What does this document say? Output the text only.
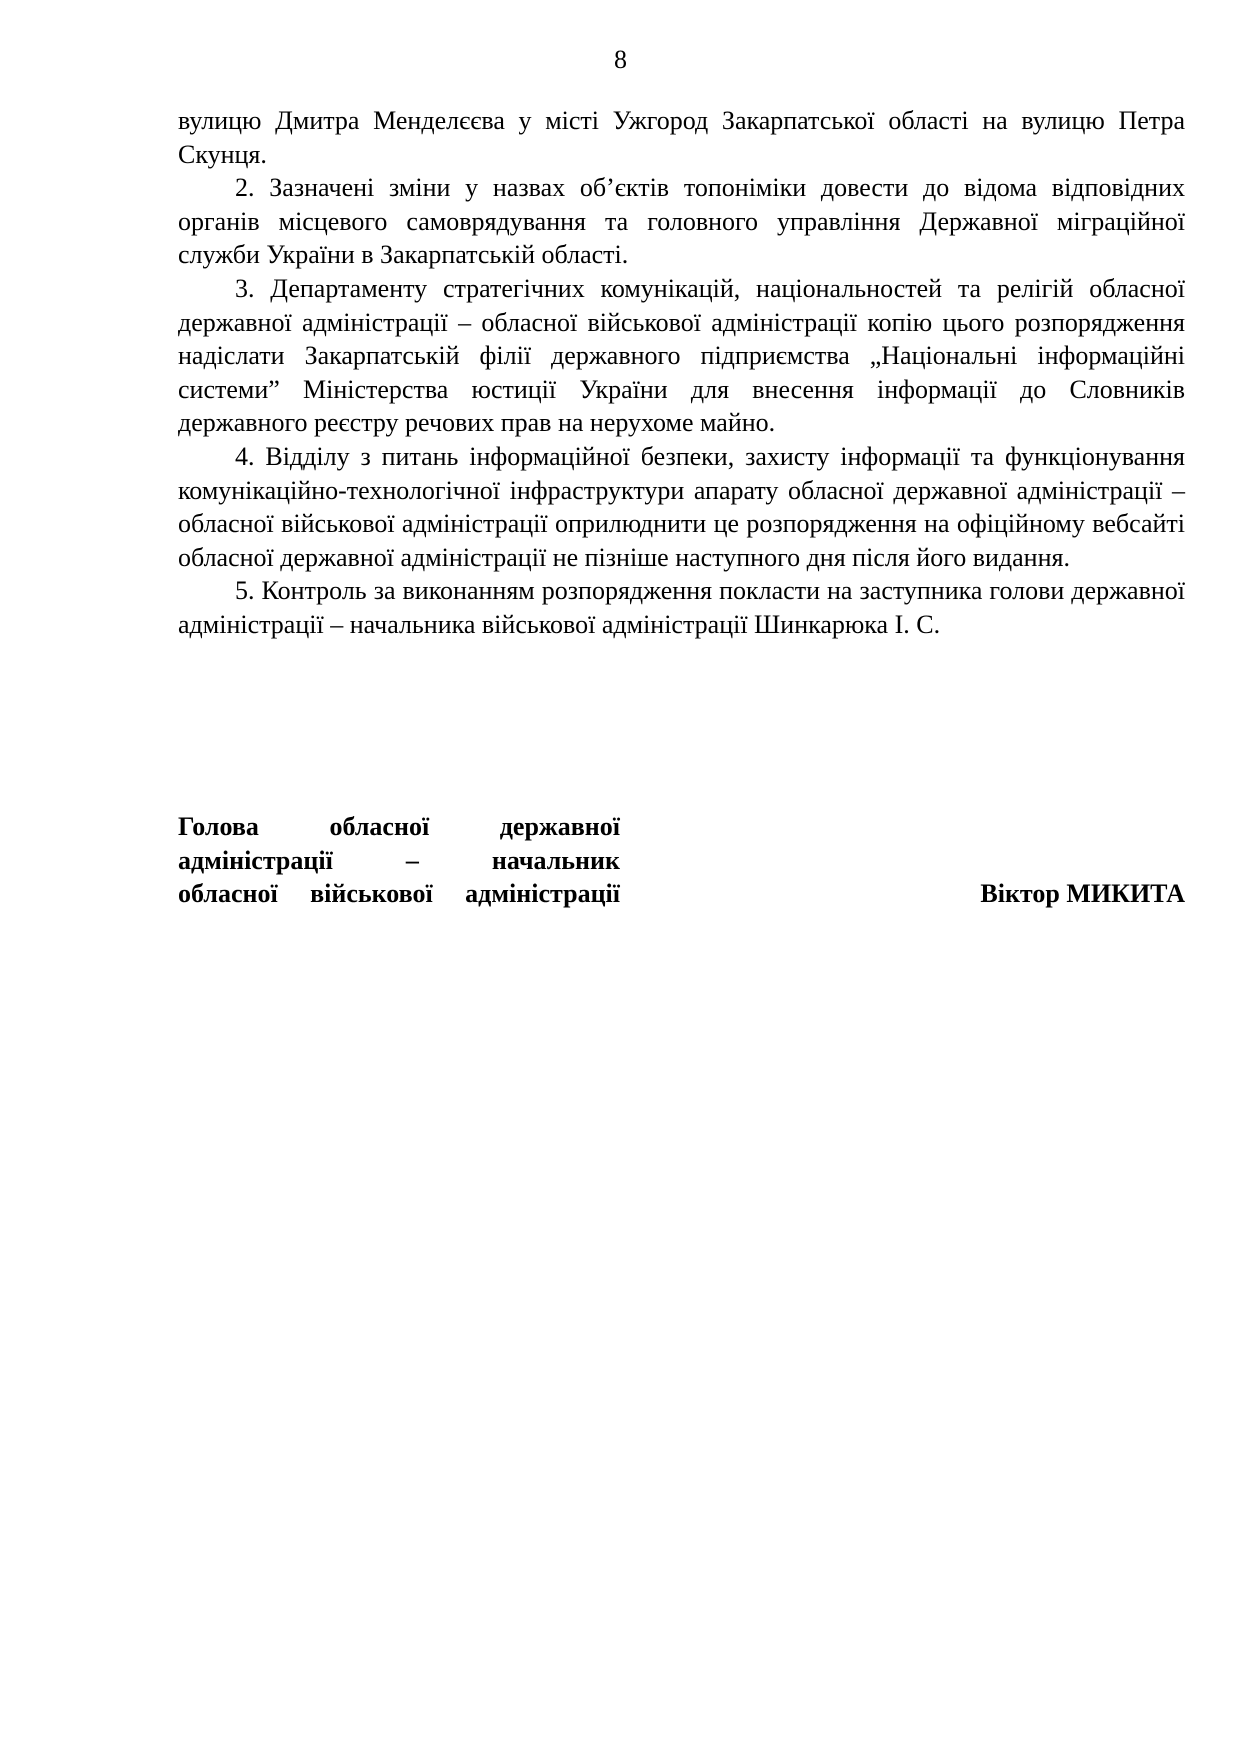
8

вулицю Дмитра Менделєєва у місті Ужгород Закарпатської області на вулицю Петра Скунця.

2. Зазначені зміни у назвах об’єктів топоніміки довести до відома відповідних органів місцевого самоврядування та головного управління Державної міграційної служби України в Закарпатській області.

3. Департаменту стратегічних комунікацій, національностей та релігій обласної державної адміністрації – обласної військової адміністрації копію цього розпорядження надіслати Закарпатській філії державного підприємства „Національні інформаційні системи” Міністерства юстиції України для внесення інформації до Словників державного реєстру речових прав на нерухоме майно.

4. Відділу з питань інформаційної безпеки, захисту інформації та функціонування комунікаційно-технологічної інфраструктури апарату обласної державної адміністрації – обласної військової адміністрації оприлюднити це розпорядження на офіційному вебсайті обласної державної адміністрації не пізніше наступного дня після його видання.

5. Контроль за виконанням розпорядження покласти на заступника голови державної адміністрації – начальника військової адміністрації Шинкарюка І. С.

Голова обласної державної
адміністрації – начальник
обласної військової адміністрації	Віктор МИКИТА
